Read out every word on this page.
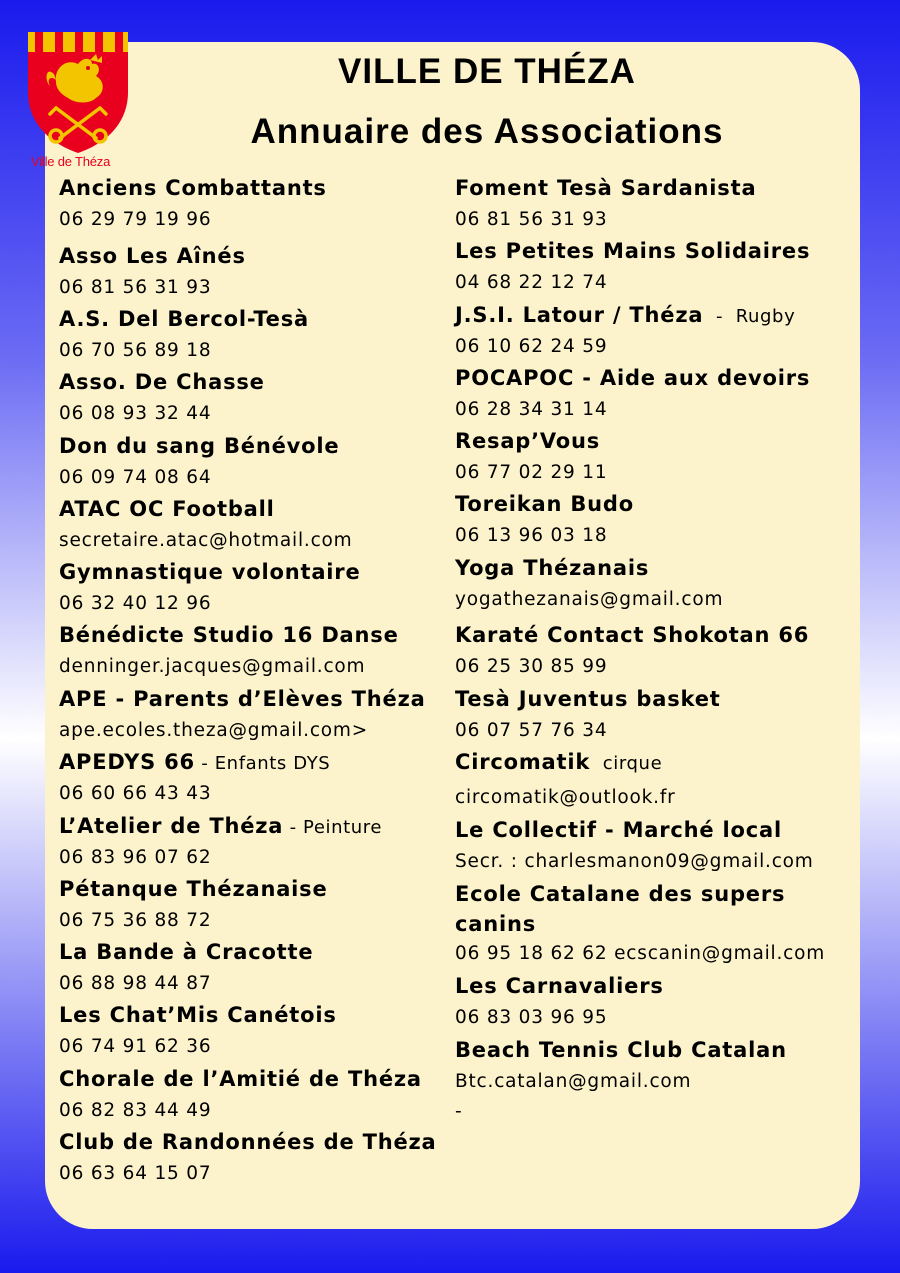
Ville de Théza
VILLE DE THÉZA
Annuaire des Associations
Anciens Combattants
06 29 79 19 96
Asso Les Aînés
06 81 56 31 93
A.S. Del Bercol-Tesà
06 70 56 89 18
Asso. De Chasse
06 08 93 32 44
Don du sang Bénévole
06 09 74 08 64
ATAC OC Football
secretaire.atac@hotmail.com
Gymnastique volontaire
06 32 40 12 96
Bénédicte Studio 16 Danse
denninger.jacques@gmail.com
APE - Parents d’Elèves Théza
ape.ecoles.theza@gmail.com>
APEDYS 66 - Enfants DYS
06 60 66 43 43
L’Atelier de Théza - Peinture
06 83 96 07 62
Pétanque Thézanaise
06 75 36 88 72
La Bande à Cracotte
06 88 98 44 87
Les Chat’Mis Canétois
06 74 91 62 36
Chorale de l’Amitié de Théza
06 82 83 44 49
Club de Randonnées de Théza
06 63 64 15 07
Foment Tesà Sardanista
06 81 56 31 93
Les Petites Mains Solidaires
04 68 22 12 74
J.S.I. Latour / Théza  -  Rugby
06 10 62 24 59
POCAPOC - Aide aux devoirs
06 28 34 31 14
Resap’Vous
06 77 02 29 11
Toreikan Budo
06 13 96 03 18
Yoga Thézanais
yogathezanais@gmail.com
Karaté Contact Shokotan 66
06 25 30 85 99
Tesà Juventus basket
06 07 57 76 34
Circomatik  cirque
circomatik@outlook.fr
Le Collectif - Marché local
Secr. : charlesmanon09@gmail.com
Ecole Catalane des supers
canins
06 95 18 62 62 ecscanin@gmail.com
Les Carnavaliers
06 83 03 96 95
Beach Tennis Club Catalan
Btc.catalan@gmail.com
-
